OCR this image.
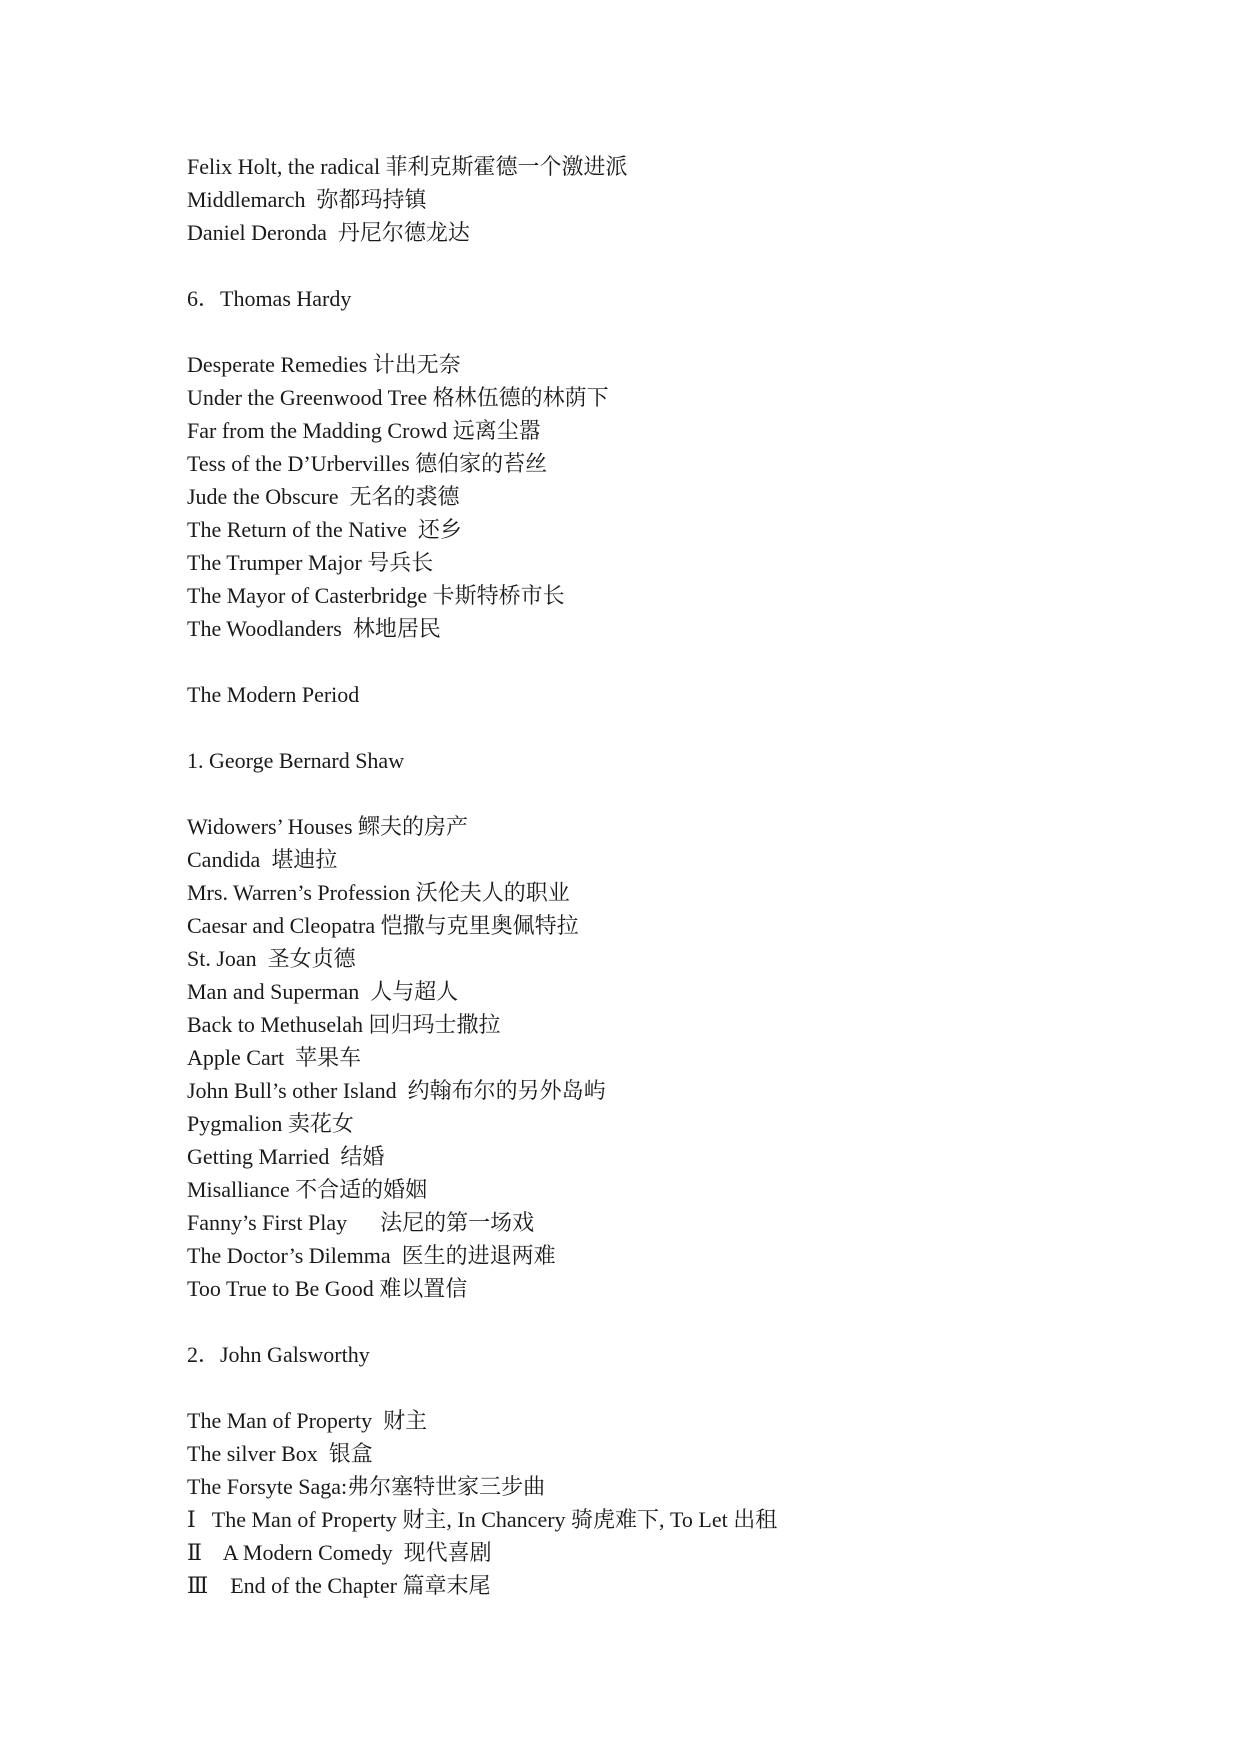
Felix Holt, the radical 菲利克斯霍德一个激进派
Middlemarch  弥都玛持镇
Daniel Deronda  丹尼尔德龙达
6．Thomas Hardy
Desperate Remedies 计出无奈
Under the Greenwood Tree 格林伍德的林荫下
Far from the Madding Crowd 远离尘嚣
Tess of the D’Urbervilles 德伯家的苔丝
Jude the Obscure  无名的裘德
The Return of the Native  还乡
The Trumper Major 号兵长
The Mayor of Casterbridge 卡斯特桥市长
The Woodlanders  林地居民
The Modern Period
1. George Bernard Shaw
Widowers’ Houses 鳏夫的房产
Candida  堪迪拉
Mrs. Warren’s Profession 沃伦夫人的职业
Caesar and Cleopatra 恺撒与克里奥佩特拉
St. Joan  圣女贞德
Man and Superman  人与超人
Back to Methuselah 回归玛士撒拉
Apple Cart  苹果车
John Bull’s other Island  约翰布尔的另外岛屿
Pygmalion 卖花女
Getting Married  结婚
Misalliance 不合适的婚姻
Fanny’s First Play      法尼的第一场戏
The Doctor’s Dilemma  医生的进退两难
Too True to Be Good 难以置信
2．John Galsworthy
The Man of Property  财主
The silver Box  银盒
The Forsyte Saga:弗尔塞特世家三步曲
Ⅰ   The Man of Property 财主, In Chancery 骑虎难下, To Let 出租
Ⅱ    A Modern Comedy  现代喜剧
Ⅲ    End of the Chapter 篇章末尾
